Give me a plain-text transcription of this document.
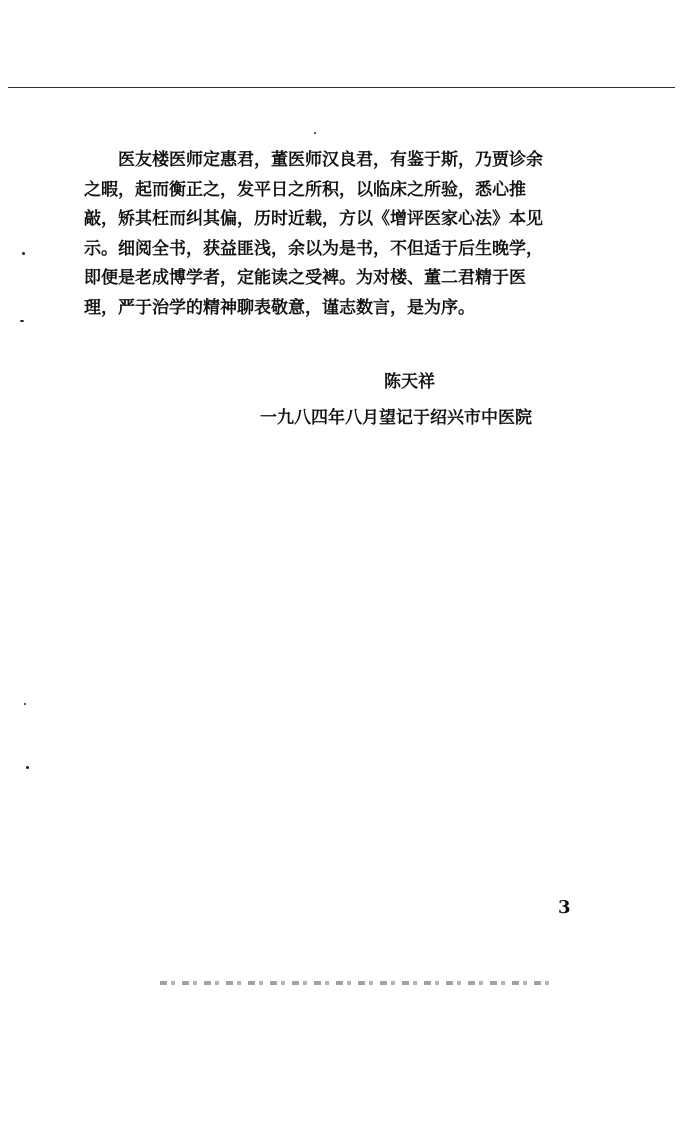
医友楼医师定惠君，董医师汉良君，有鉴于斯，乃贾诊余
之暇，起而衡正之，发平日之所积，以临床之所验，悉心推
敲，矫其枉而纠其偏，历时近载，方以《增评医家心法》本见
示。细阅全书，获益匪浅，余以为是书，不但适于后生晚学，
即便是老成博学者，定能读之受裨。为对楼、董二君精于医
理，严于治学的精神聊表敬意，谨志数言，是为序。
陈天祥
一九八四年八月望记于绍兴市中医院
3
